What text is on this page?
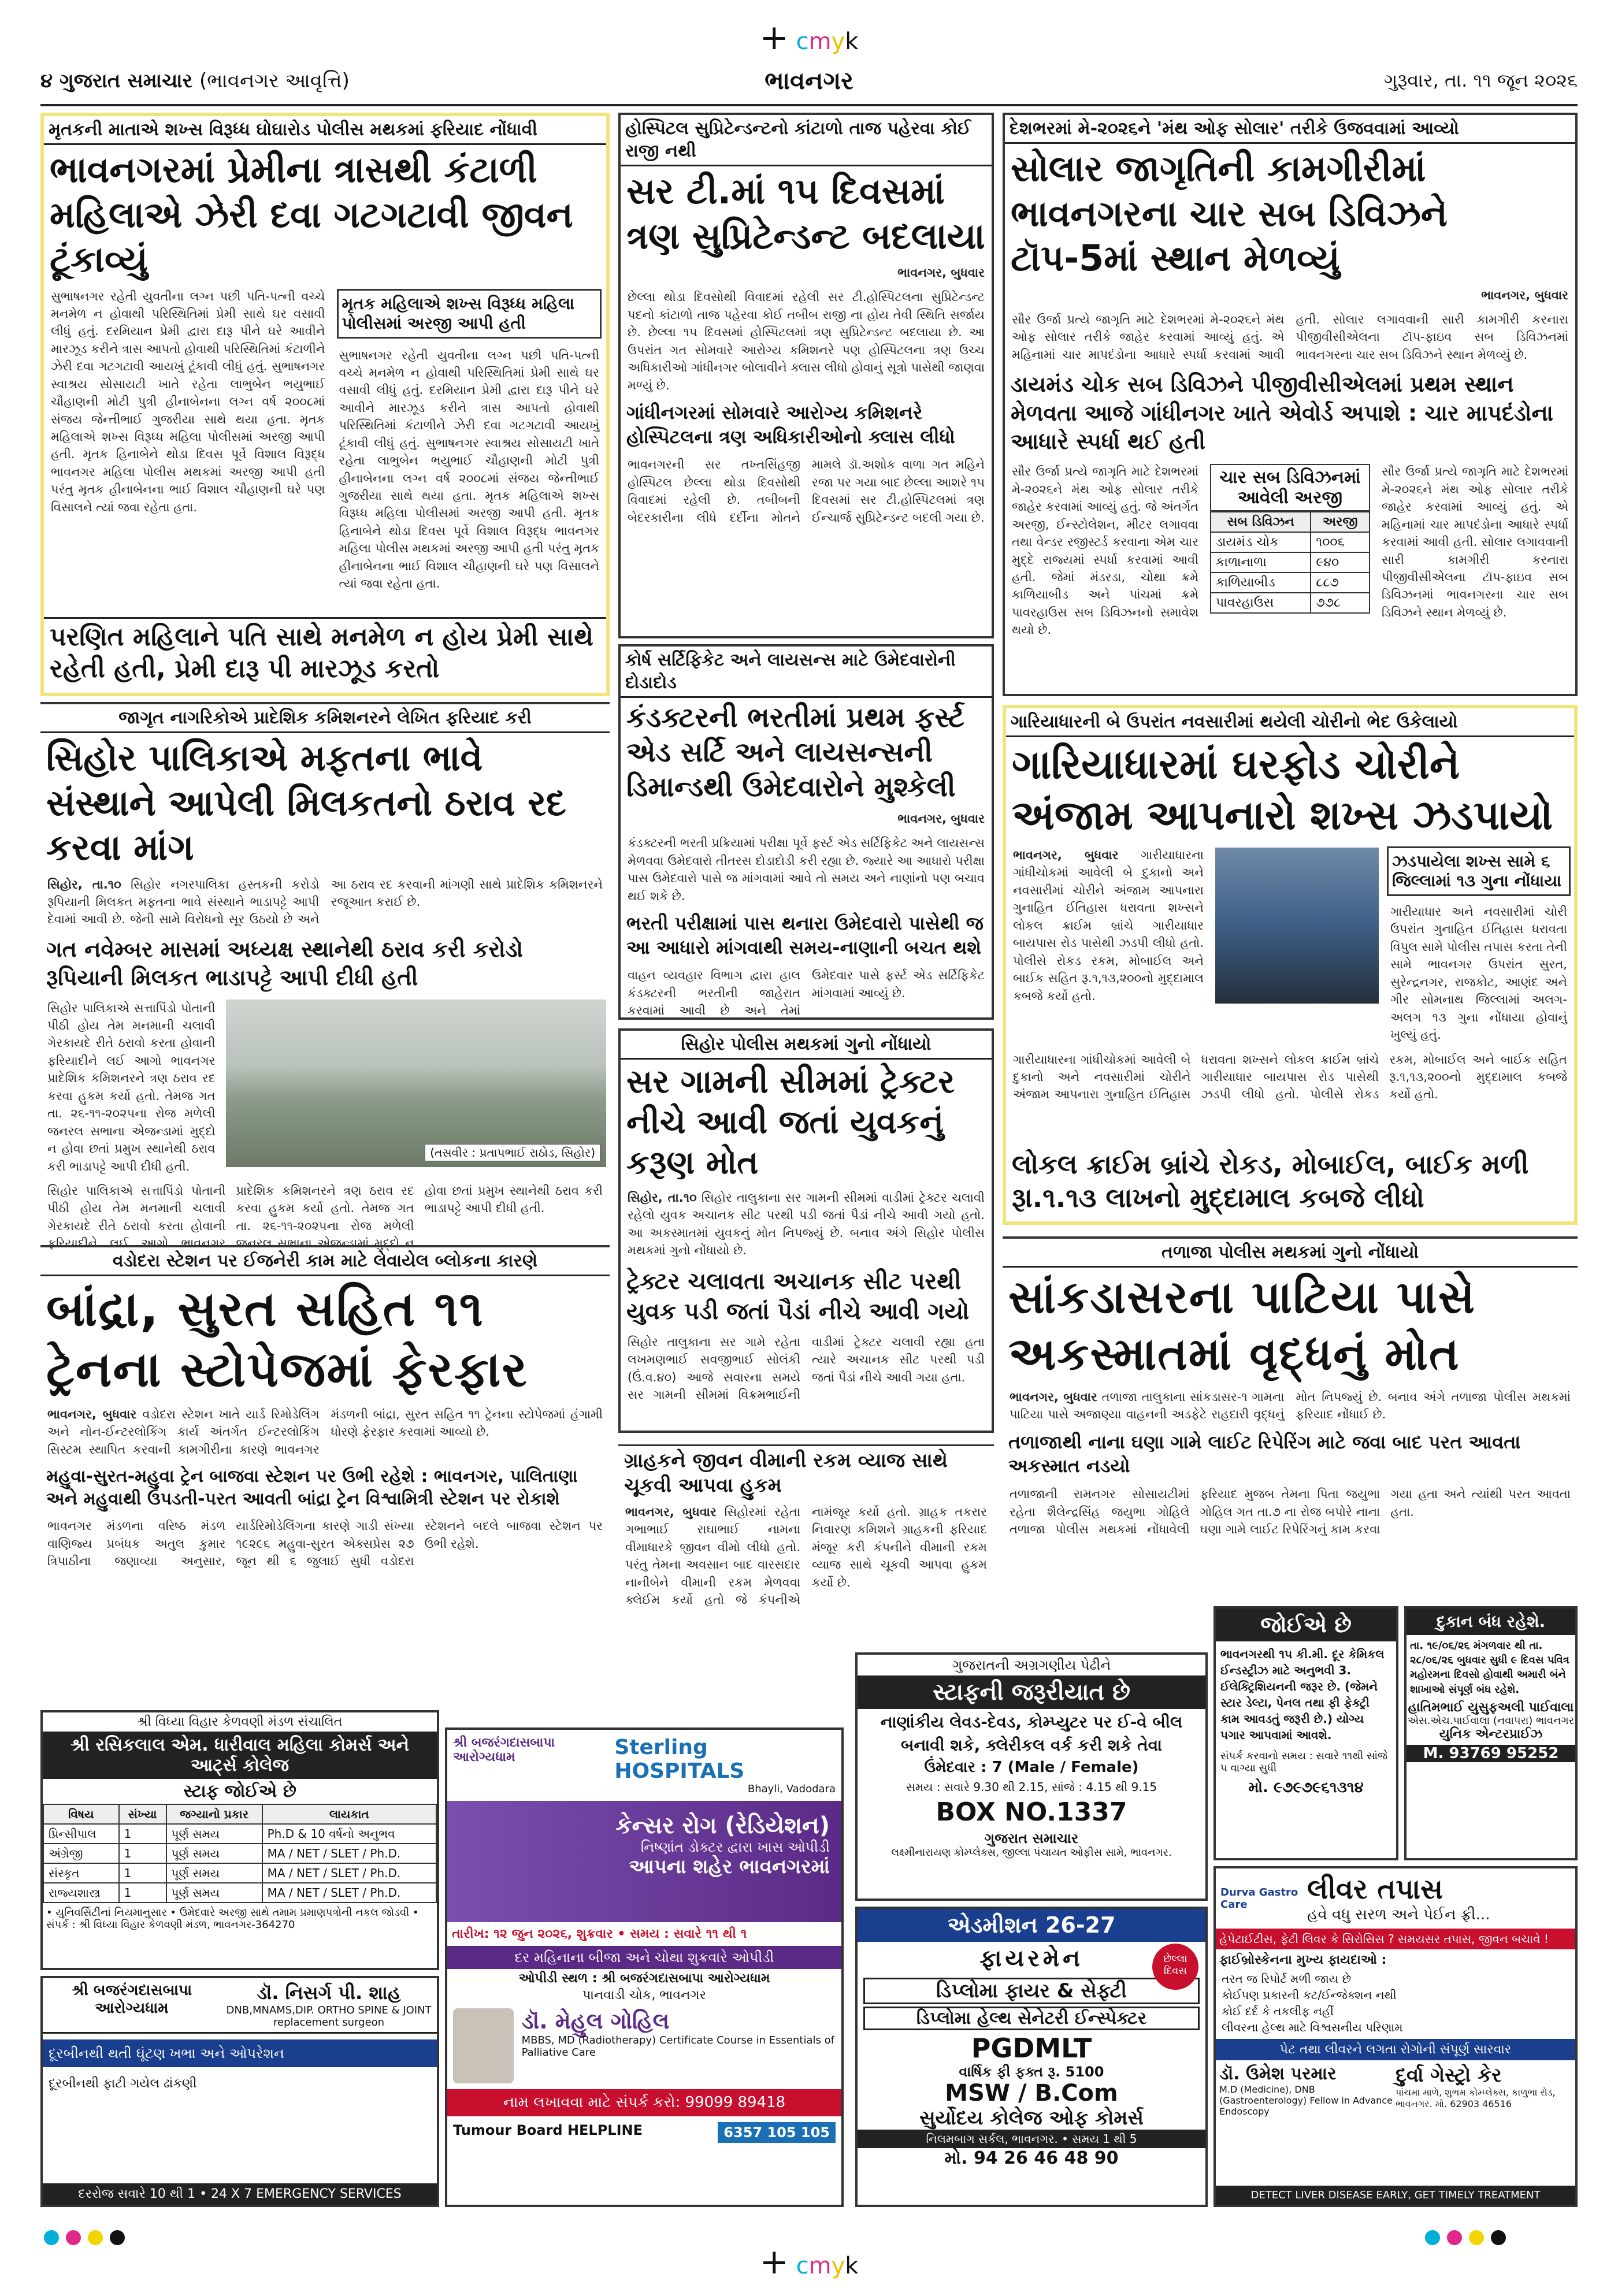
+ cmyk
૪ ગુજરાત સમાચાર (ભાવનગર આવૃત્તિ)	ભાવનગર	ગુરૂવાર, તા. ૧૧ જૂન ૨૦૨૬
મૃતકની માતાએ શખ્સ વિરૂધ્ધ ઘોઘારોડ પોલીસ મથકમાં ફરિયાદ નોંધાવી
ભાવનગરમાં પ્રેમીના ત્રાસથી કંટાળી મહિલાએ ઝેરી દવા ગટગટાવી જીવન ટૂંકાવ્યું
સુભાષનગર રહેતી યુવતીના લગ્ન પછી પતિ-પત્ની વચ્ચે મનમેળ ન હોવાથી પરિસ્થિતિમાં પ્રેમી સાથે ઘર વસાવી લીધું હતું. દરમિયાન પ્રેમી દ્વારા દારૂ પીને ઘરે આવીને મારઝૂડ કરીને ત્રાસ આપતો હોવાથી પરિસ્થિતિમાં કંટાળીને ઝેરી દવા ગટગટાવી આયખું ટૂંકાવી લીધું હતું. સુભાષનગર સ્વાશ્રય સોસાયટી ખાતે રહેતા લાભુબેન ભયુભાઈ ચૌહાણની મોટી પુત્રી હીનાબેનના લગ્ન વર્ષ ૨૦૦૮માં સંજય જેન્તીભાઈ ગુજરીયા સાથે થયા હતા. મૃતક મહિલાએ શખ્સ વિરૂધ્ધ મહિલા પોલીસમાં અરજી આપી હતી. મૃતક હિનાબેને થોડા દિવસ પૂર્વે વિશાલ વિરૂદ્ધ ભાવનગર મહિલા પોલીસ મથકમાં અરજી આપી હતી પરંતુ મૃતક હીનાબેનના ભાઈ વિશાલ ચૌહાણની ઘરે પણ વિસાલને ત્યાં જવા રહેતા હતા.
મૃતક મહિલાએ શખ્સ વિરૂધ્ધ મહિલા પોલીસમાં અરજી આપી હતી
સુભાષનગર રહેતી યુવતીના લગ્ન પછી પતિ-પત્ની વચ્ચે મનમેળ ન હોવાથી પરિસ્થિતિમાં પ્રેમી સાથે ઘર વસાવી લીધું હતું. દરમિયાન પ્રેમી દ્વારા દારૂ પીને ઘરે આવીને મારઝૂડ કરીને ત્રાસ આપતો હોવાથી પરિસ્થિતિમાં કંટાળીને ઝેરી દવા ગટગટાવી આયખું ટૂંકાવી લીધું હતું. સુભાષનગર સ્વાશ્રય સોસાયટી ખાતે રહેતા લાભુબેન ભયુભાઈ ચૌહાણની મોટી પુત્રી હીનાબેનના લગ્ન વર્ષ ૨૦૦૮માં સંજય જેન્તીભાઈ ગુજરીયા સાથે થયા હતા. મૃતક મહિલાએ શખ્સ વિરૂધ્ધ મહિલા પોલીસમાં અરજી આપી હતી. મૃતક હિનાબેને થોડા દિવસ પૂર્વે વિશાલ વિરૂદ્ધ ભાવનગર મહિલા પોલીસ મથકમાં અરજી આપી હતી પરંતુ મૃતક હીનાબેનના ભાઈ વિશાલ ચૌહાણની ઘરે પણ વિસાલને ત્યાં જવા રહેતા હતા.
પરણિત મહિલાને પતિ સાથે મનમેળ ન હોય પ્રેમી સાથે રહેતી હતી, પ્રેમી દારૂ પી મારઝૂડ કરતો
હોસ્પિટલ સુપ્રિટેન્ડન્ટનો કાંટાળો તાજ પહેરવા કોઈ રાજી નથી
સર ટી.માં ૧૫ દિવસમાં ત્રણ સુપ્રિટેન્ડન્ટ બદલાયા
ભાવનગર, બુધવાર
છેલ્લા થોડા દિવસોથી વિવાદમાં રહેલી સર ટી.હોસ્પિટલના સુપ્રિટેન્ડન્ટ પદનો કાંટાળો તાજ પહેરવા કોઈ તબીબ રાજી ના હોય તેવી સ્થિતિ સર્જાય છે. છેલ્લા ૧૫ દિવસમાં હોસ્પિટલમાં ત્રણ સુપ્રિટેન્ડન્ટ બદલાયા છે. આ ઉપરાંત ગત સોમવારે આરોગ્ય કમિશનરે પણ હોસ્પિટલના ત્રણ ઉચ્ચ અધિકારીઓ ગાંધીનગર બોલાવીને ક્લાસ લીધો હોવાનું સૂત્રો પાસેથી જાણવા મળ્યું છે.
ગાંધીનગરમાં સોમવારે આરોગ્ય કમિશનરે હોસ્પિટલના ત્રણ અધિકારીઓનો ક્લાસ લીધો
ભાવનગરની સર તખ્તસિંહજી હોસ્પિટલ છેલ્લા થોડા દિવસોથી વિવાદમાં રહેલી છે. તબીબની બેદરકારીના લીધે દર્દીના મોતને મામલે ડૉ.અશોક વાળા ગત મહિને રજા પર ગયા બાદ છેલ્લા આશરે ૧૫ દિવસમાં સર ટી.હોસ્પિટલમાં ત્રણ ઈન્ચાર્જ સુપ્રિટેન્ડન્ટ બદલી ગયા છે.
દેશભરમાં મે-૨૦૨૬ને 'મંથ ઓફ સોલાર' તરીકે ઉજવવામાં આવ્યો
સોલાર જાગૃતિની કામગીરીમાં ભાવનગરના ચાર સબ ડિવિઝને ટૉપ-5માં સ્થાન મેળવ્યું
ભાવનગર, બુધવાર
સૌર ઉર્જા પ્રત્યે જાગૃતિ માટે દેશભરમાં મે-૨૦૨૬ને મંથ ઓફ સોલાર તરીકે જાહેર કરવામાં આવ્યું હતું. એ મહિનામાં ચાર માપદંડોના આધારે સ્પર્ધા કરવામાં આવી હતી. સોલાર લગાવવાની સારી કામગીરી કરનારા પીજીવીસીએલના ટૉપ-ફાઇવ સબ ડિવિઝનમાં ભાવનગરના ચાર સબ ડિવિઝને સ્થાન મેળવ્યું છે.
ડાયમંડ ચોક સબ ડિવિઝને પીજીવીસીએલમાં પ્રથમ સ્થાન મેળવતા આજે ગાંધીનગર ખાતે એવોર્ડ અપાશે : ચાર માપદંડોના આધારે સ્પર્ધા થઈ હતી
સૌર ઉર્જા પ્રત્યે જાગૃતિ માટે દેશભરમાં મે-૨૦૨૬ને મંથ ઓફ સોલાર તરીકે જાહેર કરવામાં આવ્યું હતું. જે અંતર્ગત અરજી, ઈન્સ્ટોલેશન, મીટર લગાવવા તથા વેન્ડર રજીસ્ટર્ડ કરવાના એમ ચાર મુદ્દે રાજ્યમાં સ્પર્ધા કરવામાં આવી હતી. જેમાં મંડરડા, ચોથા ક્રમે કાળિયાબીડ અને પાંચમાં ક્રમે પાવરહાઉસ સબ ડિવિઝનનો સમાવેશ થયો છે.
ચાર સબ ડિવિઝનમાં આવેલી અરજી
સબ ડિવિઝન	અરજી
ડાયમંડ ચોક	૧૦૦૬
કાળાનાળા	૯૪૦
કાળિયાબીડ	૮૮૭
પાવરહાઉસ	૭૭૮
સૌર ઉર્જા પ્રત્યે જાગૃતિ માટે દેશભરમાં મે-૨૦૨૬ને મંથ ઓફ સોલાર તરીકે જાહેર કરવામાં આવ્યું હતું. એ મહિનામાં ચાર માપદંડોના આધારે સ્પર્ધા કરવામાં આવી હતી. સોલાર લગાવવાની સારી કામગીરી કરનારા પીજીવીસીએલના ટૉપ-ફાઇવ સબ ડિવિઝનમાં ભાવનગરના ચાર સબ ડિવિઝને સ્થાન મેળવ્યું છે.
જાગૃત નાગરિકોએ પ્રાદેશિક કમિશનરને લેખિત ફરિયાદ કરી
સિહોર પાલિકાએ મફતના ભાવે સંસ્થાને આપેલી મિલકતનો ઠરાવ રદ કરવા માંગ
સિહોર, તા.૧૦ સિહોર નગરપાલિકા હસ્તકની કરોડો રૂપિયાની મિલકત મફતના ભાવે સંસ્થાને ભાડાપટ્ટે આપી દેવામાં આવી છે. જેની સામે વિરોધનો સૂર ઉઠયો છે અને આ ઠરાવ રદ કરવાની માંગણી સાથે પ્રાદેશિક કમિશનરને રજૂઆત કરાઈ છે.
ગત નવેમ્બર માસમાં અધ્યક્ષ સ્થાનેથી ઠરાવ કરી કરોડો રૂપિયાની મિલકત ભાડાપટ્ટે આપી દીધી હતી
સિહોર પાલિકાએ સત્તાપિંડો પોતાની પીઠી હોય તેમ મનમાની ચલાવી ગેરકાયદે રીતે ઠરાવો કરતા હોવાની ફરિયાદીને લઈ આગો ભાવનગર પ્રાદેશિક કમિશનરને ત્રણ ઠરાવ રદ કરવા હુકમ કર્યો હતો. તેમજ ગત તા. ૨૬-૧૧-૨૦૨૫ના રોજ મળેલી જનરલ સભાના એજન્ડામાં મુદ્દો ન હોવા છતાં પ્રમુખ સ્થાનેથી ઠરાવ કરી ભાડાપટ્ટે આપી દીધી હતી.
(તસવીર : પ્રતાપભાઈ રાઠોડ, સિહોર)
સિહોર પાલિકાએ સત્તાપિંડો પોતાની પીઠી હોય તેમ મનમાની ચલાવી ગેરકાયદે રીતે ઠરાવો કરતા હોવાની ફરિયાદીને લઈ આગો ભાવનગર પ્રાદેશિક કમિશનરને ત્રણ ઠરાવ રદ કરવા હુકમ કર્યો હતો. તેમજ ગત તા. ૨૬-૧૧-૨૦૨૫ના રોજ મળેલી જનરલ સભાના એજન્ડામાં મુદ્દો ન હોવા છતાં પ્રમુખ સ્થાનેથી ઠરાવ કરી ભાડાપટ્ટે આપી દીધી હતી.
કોર્ષ સર્ટિફિકેટ અને લાયસન્સ માટે ઉમેદવારોની દોડાદોડ
કંડક્ટરની ભરતીમાં પ્રથમ ફર્સ્ટ એડ સર્ટિ અને લાયસન્સની ડિમાન્ડથી ઉમેદવારોને મુશ્કેલી
ભાવનગર, બુધવાર
કંડક્ટરની ભરતી પ્રક્રિયામાં પરીક્ષા પૂર્વે ફર્સ્ટ એડ સર્ટિફિકેટ અને લાયસન્સ મેળવવા ઉમેદવારો તીતરસ દોડાદોડી કરી રહ્યા છે. જ્યારે આ આધારો પરીક્ષા પાસ ઉમેદવારો પાસે જ માંગવામાં આવે તો સમય અને નાણાંનો પણ બચાવ થઈ શકે છે.
ભરતી પરીક્ષામાં પાસ થનારા ઉમેદવારો પાસેથી જ આ આધારો માંગવાથી સમય-નાણાની બચત થશે
વાહન વ્યવહાર વિભાગ દ્વારા હાલ કંડક્ટરની ભરતીની જાહેરાત કરવામાં આવી છે અને તેમાં ઉમેદવાર પાસે ફર્સ્ટ એડ સર્ટિફિકેટ માંગવામાં આવ્યું છે.
સિહોર પોલીસ મથકમાં ગુનો નોંધાયો
સર ગામની સીમમાં ટ્રેક્ટર નીચે આવી જતાં યુવકનું કરૂણ મોત
સિહોર, તા.૧૦ સિહોર તાલુકાના સર ગામની સીમમાં વાડીમાં ટ્રેક્ટર ચલાવી રહેલો યુવક અચાનક સીટ પરથી પડી જતાં પૈડાં નીચે આવી ગયો હતો. આ અકસ્માતમાં યુવકનું મોત નિપજ્યું છે. બનાવ અંગે સિહોર પોલીસ મથકમાં ગુનો નોંધાયો છે.
ટ્રેક્ટર ચલાવતા અચાનક સીટ પરથી યુવક પડી જતાં પૈડાં નીચે આવી ગયો
સિહોર તાલુકાના સર ગામે રહેતા લખમણભાઈ સવજીભાઈ સોલંકી (ઉં.વ.૪૦) આજે સવારના સમયે સર ગામની સીમમાં વિક્રમભાઈની વાડીમાં ટ્રેક્ટર ચલાવી રહ્યા હતા ત્યારે અચાનક સીટ પરથી પડી જતાં પૈડાં નીચે આવી ગયા હતા.
ગારિયાધારની બે ઉપરાંત નવસારીમાં થયેલી ચોરીનો ભેદ ઉકેલાયો
ગારિયાધારમાં ઘરફોડ ચોરીને અંજામ આપનારો શખ્સ ઝડપાયો
ભાવનગર, બુધવાર ગારીયાધારના ગાંધીચોકમાં આવેલી બે દુકાનો અને નવસારીમાં ચોરીને અંજામ આપનારા ગુનાહિત ઈતિહાસ ધરાવતા શખ્સને લોકલ ક્રાઈમ બ્રાંચે ગારીયાધાર બાયપાસ રોડ પાસેથી ઝડપી લીધો હતો. પોલીસે રોકડ રકમ, મોબાઈલ અને બાઈક સહિત રૂ.૧,૧૩,૨૦૦નો મુદ્દામાલ કબજે કર્યો હતો.
ઝડપાયેલા શખ્સ સામે ૬ જિલ્લામાં ૧૩ ગુના નોંધાયા
ગારીયાધાર અને નવસારીમાં ચોરી ઉપરાંત ગુનાહિત ઈતિહાસ ધરાવતા વિપુલ સામે પોલીસ તપાસ કરતા તેની સામે ભાવનગર ઉપરાંત સુરત, સુરેન્દ્રનગર, રાજકોટ, આણંદ અને ગીર સોમનાથ જિલ્લામાં અલગ-અલગ ૧૩ ગુના નોંધાયા હોવાનું ખુલ્યું હતું.
ગારીયાધારના ગાંધીચોકમાં આવેલી બે દુકાનો અને નવસારીમાં ચોરીને અંજામ આપનારા ગુનાહિત ઈતિહાસ ધરાવતા શખ્સને લોકલ ક્રાઈમ બ્રાંચે ગારીયાધાર બાયપાસ રોડ પાસેથી ઝડપી લીધો હતો. પોલીસે રોકડ રકમ, મોબાઈલ અને બાઈક સહિત રૂ.૧,૧૩,૨૦૦નો મુદ્દામાલ કબજે કર્યો હતો.
લોકલ ક્રાઈમ બ્રાંચે રોકડ, મોબાઈલ, બાઈક મળી રૂા.૧.૧૩ લાખનો મુદ્દામાલ કબજે લીધો
વડોદરા સ્ટેશન પર ઈજનેરી કામ માટે લેવાયેલ બ્લોકના કારણે
બાંદ્રા, સુરત સહિત ૧૧ ટ્રેનના સ્ટોપેજમાં ફેરફાર
ભાવનગર, બુધવાર વડોદરા સ્ટેશન ખાતે યાર્ડ રિમોડેલિંગ અને નોન-ઈન્ટરલોકિંગ કાર્ય અંતર્ગત ઈન્ટરલોકિંગ સિસ્ટમ સ્થાપિત કરવાની કામગીરીના કારણે ભાવનગર મંડળની બાંદ્રા, સુરત સહિત ૧૧ ટ્રેનના સ્ટોપેજમાં હંગામી ધોરણે ફેરફાર કરવામાં આવ્યો છે.
મહુવા-સુરત-મહુવા ટ્રેન બાજવા સ્ટેશન પર ઉભી રહેશે : ભાવનગર, પાલિતાણા અને મહુવાથી ઉપડતી-પરત આવતી બાંદ્રા ટ્રેન વિશ્વામિત્રી સ્ટેશન પર રોકાશે
ભાવનગર મંડળના વરિષ્ઠ મંડળ વાણિજ્ય પ્રબંધક અતુલ કુમાર ત્રિપાઠીના જણાવ્યા અનુસાર, યાર્ડરિમોડેલિંગના કારણે ગાડી સંખ્યા ૧૯૨૯૬ મહુવા-સુરત એક્સપ્રેસ ૨૭ જૂન થી ૬ જુલાઈ સુધી વડોદરા સ્ટેશનને બદલે બાજવા સ્ટેશન પર ઉભી રહેશે.
તળાજા પોલીસ મથકમાં ગુનો નોંધાયો
સાંકડાસરના પાટિયા પાસે અકસ્માતમાં વૃદ્ધનું મોત
ભાવનગર, બુધવાર તળાજા તાલુકાના સાંકડાસર-૧ ગામના પાટિયા પાસે અજાણ્યા વાહનની અડફેટે રાહદારી વૃદ્ધનું મોત નિપજ્યું છે. બનાવ અંગે તળાજા પોલીસ મથકમાં ફરિયાદ નોંધાઈ છે.
તળાજાથી નાના ઘણા ગામે લાઈટ રિપેરિંગ માટે જવા બાદ પરત આવતા અકસ્માત નડયો
તળાજાની રામનગર સોસાયટીમાં રહેતા શૈલેન્દ્રસિંહ જયુભા ગોહિલે તળાજા પોલીસ મથકમાં નોંધાવેલી ફરિયાદ મુજબ તેમના પિતા જયુભા ગોહિલ ગત તા.૭ ના રોજ બપોરે નાના ઘણા ગામે લાઈટ રિપેરિંગનું કામ કરવા ગયા હતા અને ત્યાંથી પરત આવતા હતા.
ગ્રાહકને જીવન વીમાની રકમ વ્યાજ સાથે ચૂકવી આપવા હુકમ
ભાવનગર, બુધવાર સિહોરમાં રહેતા ગભાભાઈ રાઘાભાઈ નામના વીમાધારકે જીવન વીમો લીધો હતો. પરંતુ તેમના અવસાન બાદ વારસદાર નાનીબેને વીમાની રકમ મેળવવા ક્લેઈમ કર્યો હતો જે કંપનીએ નામંજૂર કર્યો હતો. ગ્રાહક તકરાર નિવારણ કમિશને ગ્રાહકની ફરિયાદ મંજૂર કરી કંપનીને વીમાની રકમ વ્યાજ સાથે ચૂકવી આપવા હુકમ કર્યો છે.
શ્રી વિધ્યા વિહાર કેળવણી મંડળ સંચાલિત
શ્રી રસિકલાલ એમ. ધારીવાલ મહિલા કોમર્સ અને આર્ટ્સ કોલેજ
સ્ટાફ જોઈએ છે
વિષય	સંખ્યા	જગ્યાનો પ્રકાર	લાયકાત
પ્રિન્સીપાલ	1	પૂર્ણ સમય	Ph.D & 10 વર્ષનો અનુભવ
અંગ્રેજી	1	પૂર્ણ સમય	MA / NET / SLET / Ph.D.
સંસ્કૃત	1	પૂર્ણ સમય	MA / NET / SLET / Ph.D.
રાજ્યશાસ્ત્ર	1	પૂર્ણ સમય	MA / NET / SLET / Ph.D.
• યુનિવર્સિટીનાં નિયમાનુસાર • ઉમેદવારે અરજી સાથે તમામ પ્રમાણપત્રોની નકલ જોડવી • સંપર્ક : શ્રી વિધ્યા વિહાર કેળવણી મંડળ, ભાવનગર-364270
શ્રી બજરંગદાસબાપા આરોગ્યધામ
ડૉ. નિસર્ગ પી. શાહ
DNB,MNAMS,DIP. ORTHO SPINE & JOINT replacement surgeon
દૂરબીનથી થતી ઘૂંટણ ખભા અને ઓપરેશન
દૂરબીનથી ફાટી ગયેલ ઢાંકણી
દરરોજ સવારે 10 થી 1 • 24 X 7 EMERGENCY SERVICES
શ્રી બજરંગદાસબાપા આરોગ્યધામ	Sterling HOSPITALS
Bhayli, Vadodara
કેન્સર રોગ (રેડિયેશન)
નિષ્ણાંત ડોક્ટર દ્વારા ખાસ ઓપીડી
આપના શહેર ભાવનગરમાં
તારીખ: ૧૨ જુન ૨૦૨૬, શુક્રવાર • સમય : સવારે ૧૧ થી ૧
દર મહિનાના બીજા અને ચોથા શુક્રવારે ઓપીડી
ઓપીડી સ્થળ : શ્રી બજરંગદાસબાપા આરોગ્યધામ
પાનવાડી ચોક, ભાવનગર
ડૉ. મેહુલ ગોહિલ
MBBS, MD (Radiotherapy) Certificate Course in Essentials of Palliative Care
નામ લખાવવા માટે સંપર્ક કરો: 99099 89418
Tumour Board HELPLINE	6357 105 105
ગુજરાતની અગ્રગણીય પેઢીને
સ્ટાફની જરૂરીયાત છે
નાણાંકીય લેવડ-દેવડ, કોમ્પ્યુટર પર ઈ-વે બીલ
બનાવી શકે, ક્લેરીકલ વર્ક કરી શકે તેવા
ઉંમેદવાર : 7 (Male / Female)
સમય : સવારે 9.30 થી 2.15, સાંજે : 4.15 થી 9.15
BOX NO.1337
ગુજરાત સમાચાર
લક્ષ્મીનારાયણ કોમ્પ્લેક્સ, જીલ્લા પંચાયત ઓફીસ સામે, ભાવનગર.
એડમીશન 26-27
ફાયરમેન	છેલ્લા દિવસ
ડિપ્લોમા ફાયર & સેફ્ટી
ડિપ્લોમા હેલ્થ સેનેટરી ઈન્સ્પેક્ટર
PGDMLT
વાર્ષિક ફી ફક્ત રૂ. 5100
MSW / B.Com
સુર્યોદય કોલેજ ઓફ કોમર્સ
નિલમબાગ સર્કલ, ભાવનગર. • સમય 1 થી 5
મો. 94 26 46 48 90
જોઈએ છે
ભાવનગરથી ૧૫ કી.મી. દૂર કેમિકલ ઈન્ડસ્ટ્રીઝ માટે અનુભવી 3. ઈલેક્ટ્રિશિયનની જરૂર છે. (જેમને સ્ટાર ડેલ્ટા, પેનલ તથા ફી ફેક્ટ્રી કામ આવડતું જરૂરી છે.) યોગ્ય પગાર આપવામાં આવશે.
સંપર્ક કરવાનો સમય : સવારે ૧૧થી સાંજે ૫ વાગ્યા સુધી
મો. ૯૭૯૭૯૬૧૩૧૪
દુકાન બંધ રહેશે.
તા. ૧૯/૦૬/૨૬ મંગળવાર થી તા. ૨૮/૦૬/૨૬ બુધવાર સુધી ૯ દિવસ પવિત્ર મહોરમના દિવસો હોવાથી અમારી બંને શાખાઓ સંપૂર્ણ બંધ રહેશે.
હાતિમભાઈ યુસુફઅલી પાઈવાલા
એસ.એચ.પાઈવાલા (નવાપરા) ભાવનગર
યુનિક એન્ટરપ્રાઈઝ
M. 93769 95252
Durva Gastro Care	લીવર તપાસ
હવે વધુ સરળ અને પેઈન ફ્રી...
હેપેટાઈટીસ, ફેટી લિવર કે સિરોસિસ ? સમયસર તપાસ, જીવન બચાવે !
ફાઈબ્રોસ્કેનના મુખ્ય ફાયદાઓ :
તરત જ રિપોર્ટ મળી જાય છે
કોઈપણ પ્રકારની કટ/ઈન્જેક્શન નથી
કોઈ દર્દ કે તકલીફ નહીં
લીવરના હેલ્થ માટે વિશ્વસનીય પરિણામ
પેટ તથા લીવરને લગતા રોગોની સંપૂર્ણ સારવાર
ડૉ. ઉમેશ પરમાર
M.D (Medicine), DNB (Gastroenterology) Fellow in Advance Endoscopy
દુર્વા ગેસ્ટ્રો કેર
પાંચમા માળે, શુભમ કોમ્પ્લેક્સ, કાળુભા રોડ, ભાવનગર. મો. 62903 46516
DETECT LIVER DISEASE EARLY, GET TIMELY TREATMENT
+ cmyk
